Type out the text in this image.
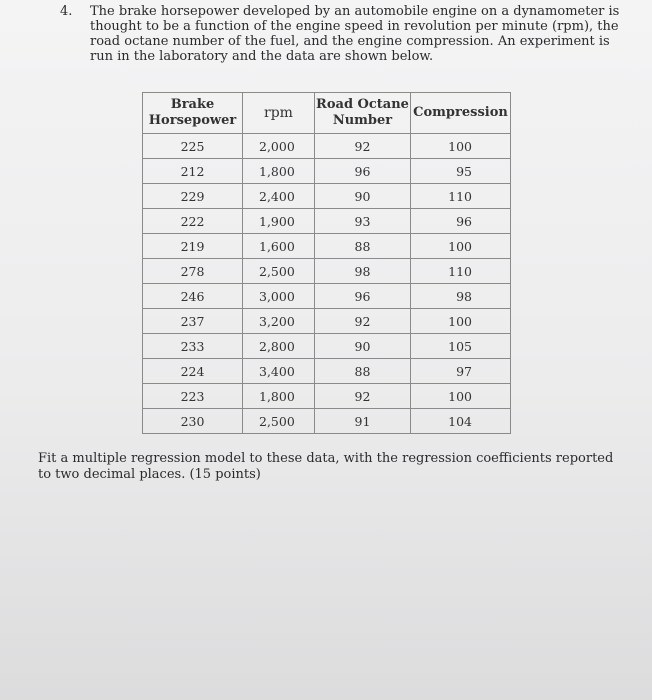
4. The brake horsepower developed by an automobile engine on a dynamometer is thought to be a function of the engine speed in revolution per minute (rpm), the road octane number of the fuel, and the engine compression. An experiment is run in the laboratory and the data are shown below.
Brake Horsepower	rpm	Road Octane Number	Compression
225	2,000	92	100
212	1,800	96	95
229	2,400	90	110
222	1,900	93	96
219	1,600	88	100
278	2,500	98	110
246	3,000	96	98
237	3,200	92	100
233	2,800	90	105
224	3,400	88	97
223	1,800	92	100
230	2,500	91	104
Fit a multiple regression model to these data, with the regression coefficients reported to two decimal places. (15 points)
